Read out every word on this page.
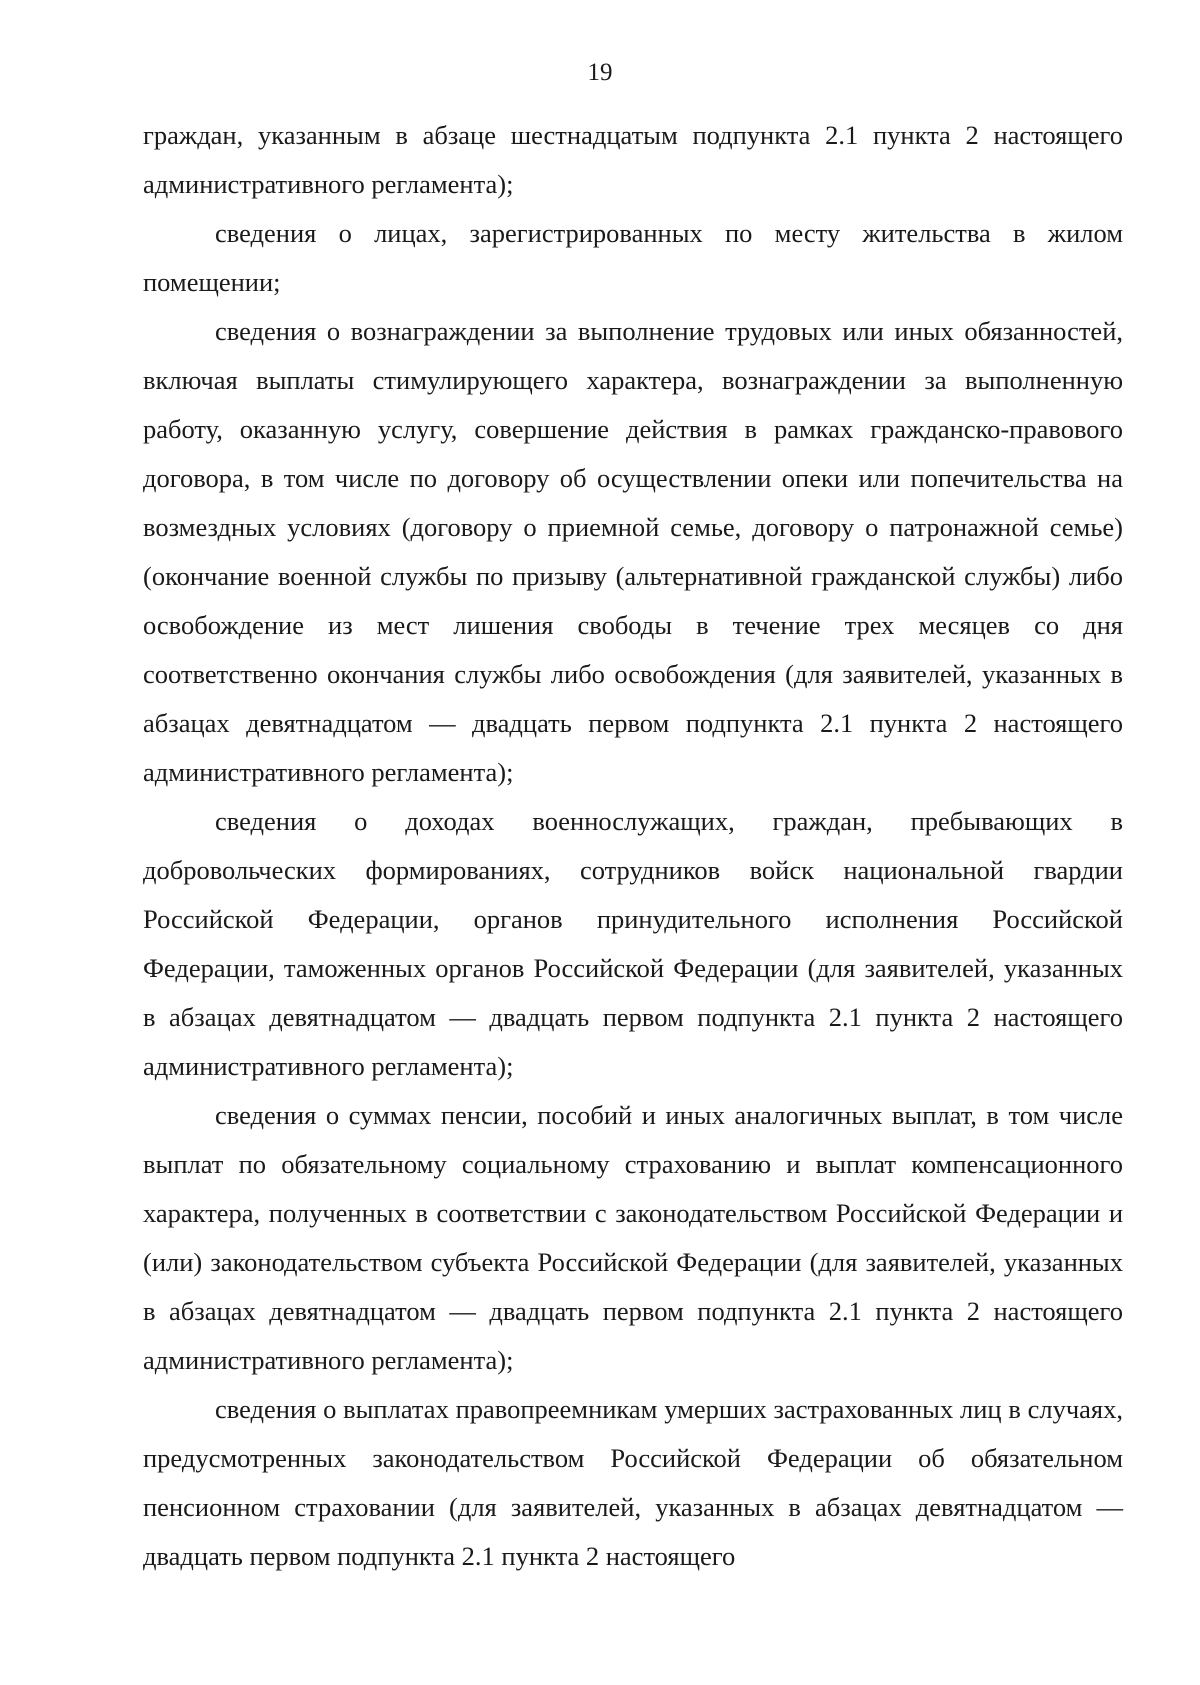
19

граждан, указанным в абзаце шестнадцатым подпункта 2.1 пункта 2 настоящего административного регламента);

сведения о лицах, зарегистрированных по месту жительства в жилом помещении;

сведения о вознаграждении за выполнение трудовых или иных обязанностей, включая выплаты стимулирующего характера, вознаграждении за выполненную работу, оказанную услугу, совершение действия в рамках гражданско-правового договора, в том числе по договору об осуществлении опеки или попечительства на возмездных условиях (договору о приемной семье, договору о патронажной семье) (окончание военной службы по призыву (альтернативной гражданской службы) либо освобождение из мест лишения свободы в течение трех месяцев со дня соответственно окончания службы либо освобождения (для заявителей, указанных в абзацах девятнадцатом — двадцать первом подпункта 2.1 пункта 2 настоящего административного регламента);

сведения о доходах военнослужащих, граждан, пребывающих в добровольческих формированиях, сотрудников войск национальной гвардии Российской Федерации, органов принудительного исполнения Российской Федерации, таможенных органов Российской Федерации (для заявителей, указанных в абзацах девятнадцатом — двадцать первом подпункта 2.1 пункта 2 настоящего административного регламента);

сведения о суммах пенсии, пособий и иных аналогичных выплат, в том числе выплат по обязательному социальному страхованию и выплат компенсационного характера, полученных в соответствии с законодательством Российской Федерации и (или) законодательством субъекта Российской Федерации (для заявителей, указанных в абзацах девятнадцатом — двадцать первом подпункта 2.1 пункта 2 настоящего административного регламента);

сведения о выплатах правопреемникам умерших застрахованных лиц в случаях, предусмотренных законодательством Российской Федерации об обязательном пенсионном страховании (для заявителей, указанных в абзацах девятнадцатом — двадцать первом подпункта 2.1 пункта 2 настоящего
